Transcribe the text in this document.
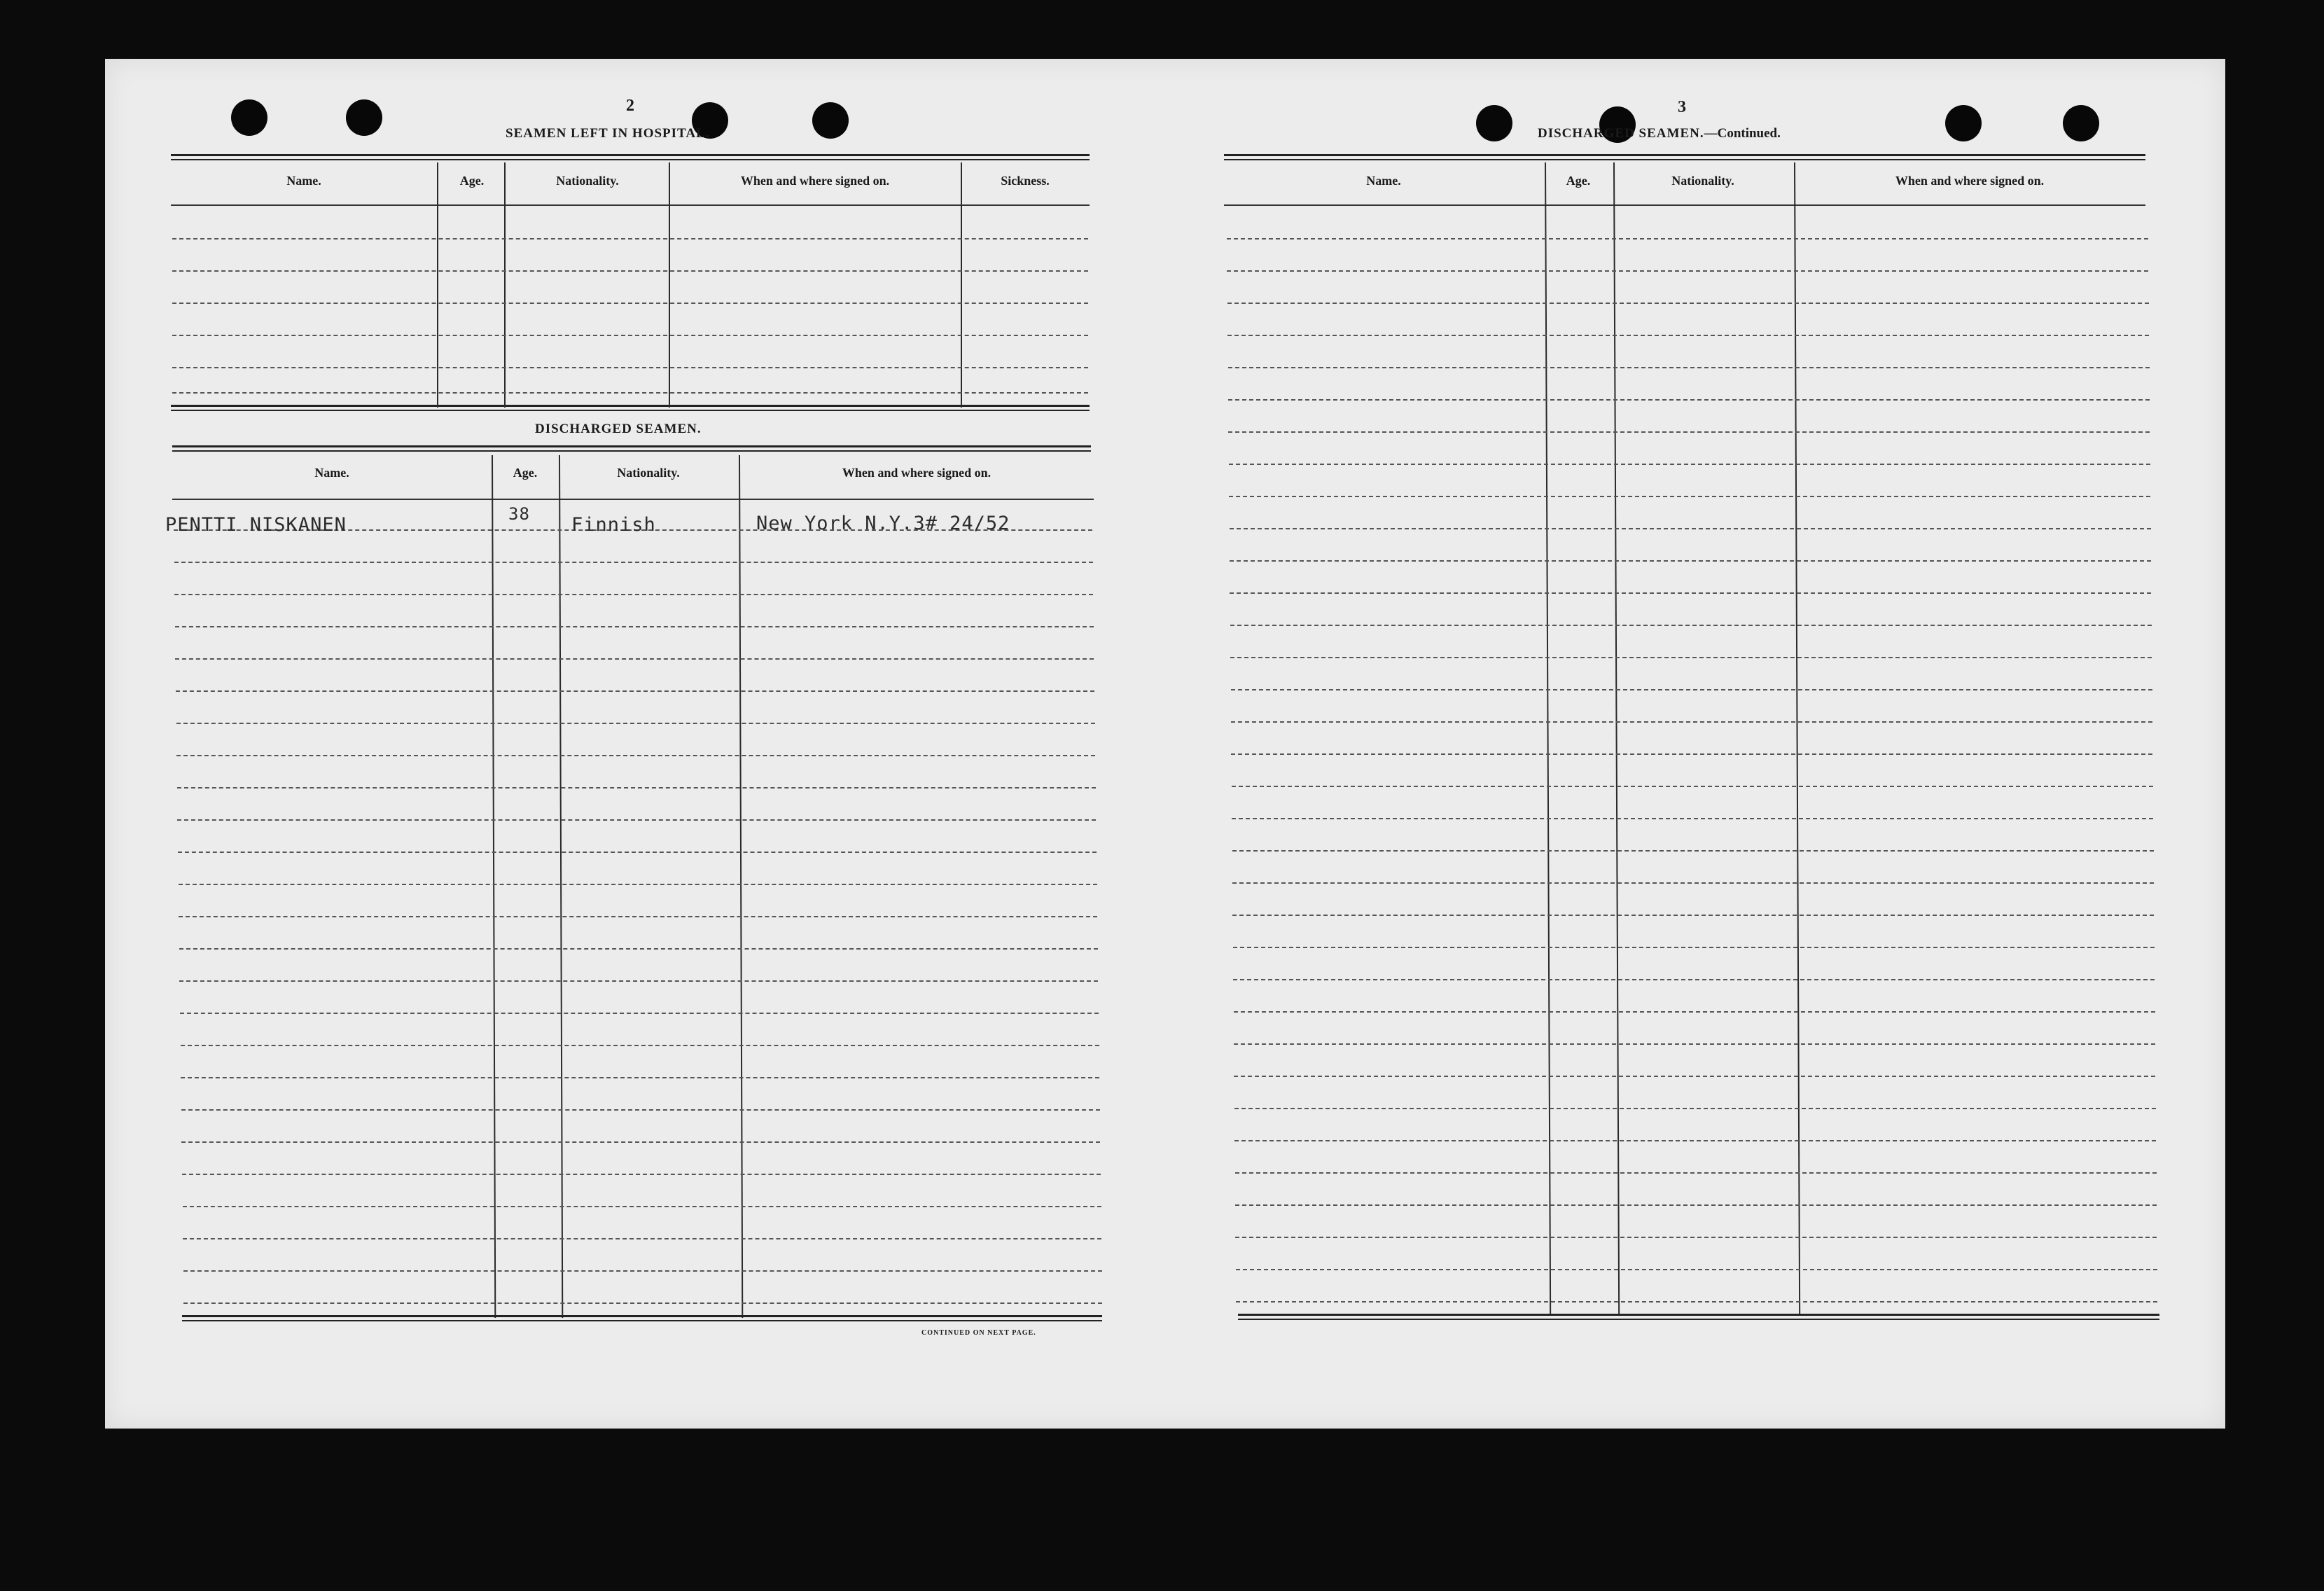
2
SEAMEN LEFT IN HOSPITAL.
Name.	Age.	Nationality.	When and where signed on.	Sickness.
DISCHARGED SEAMEN.
Name.	Age.	Nationality.	When and where signed on.
CONTINUED ON NEXT PAGE.
PENTTI NISKANEN	38 Finnish	New York N.Y.3# 24/52
3
DISCHARGED SEAMEN.—Continued.
Name.	Age.	Nationality.	When and where signed on.
